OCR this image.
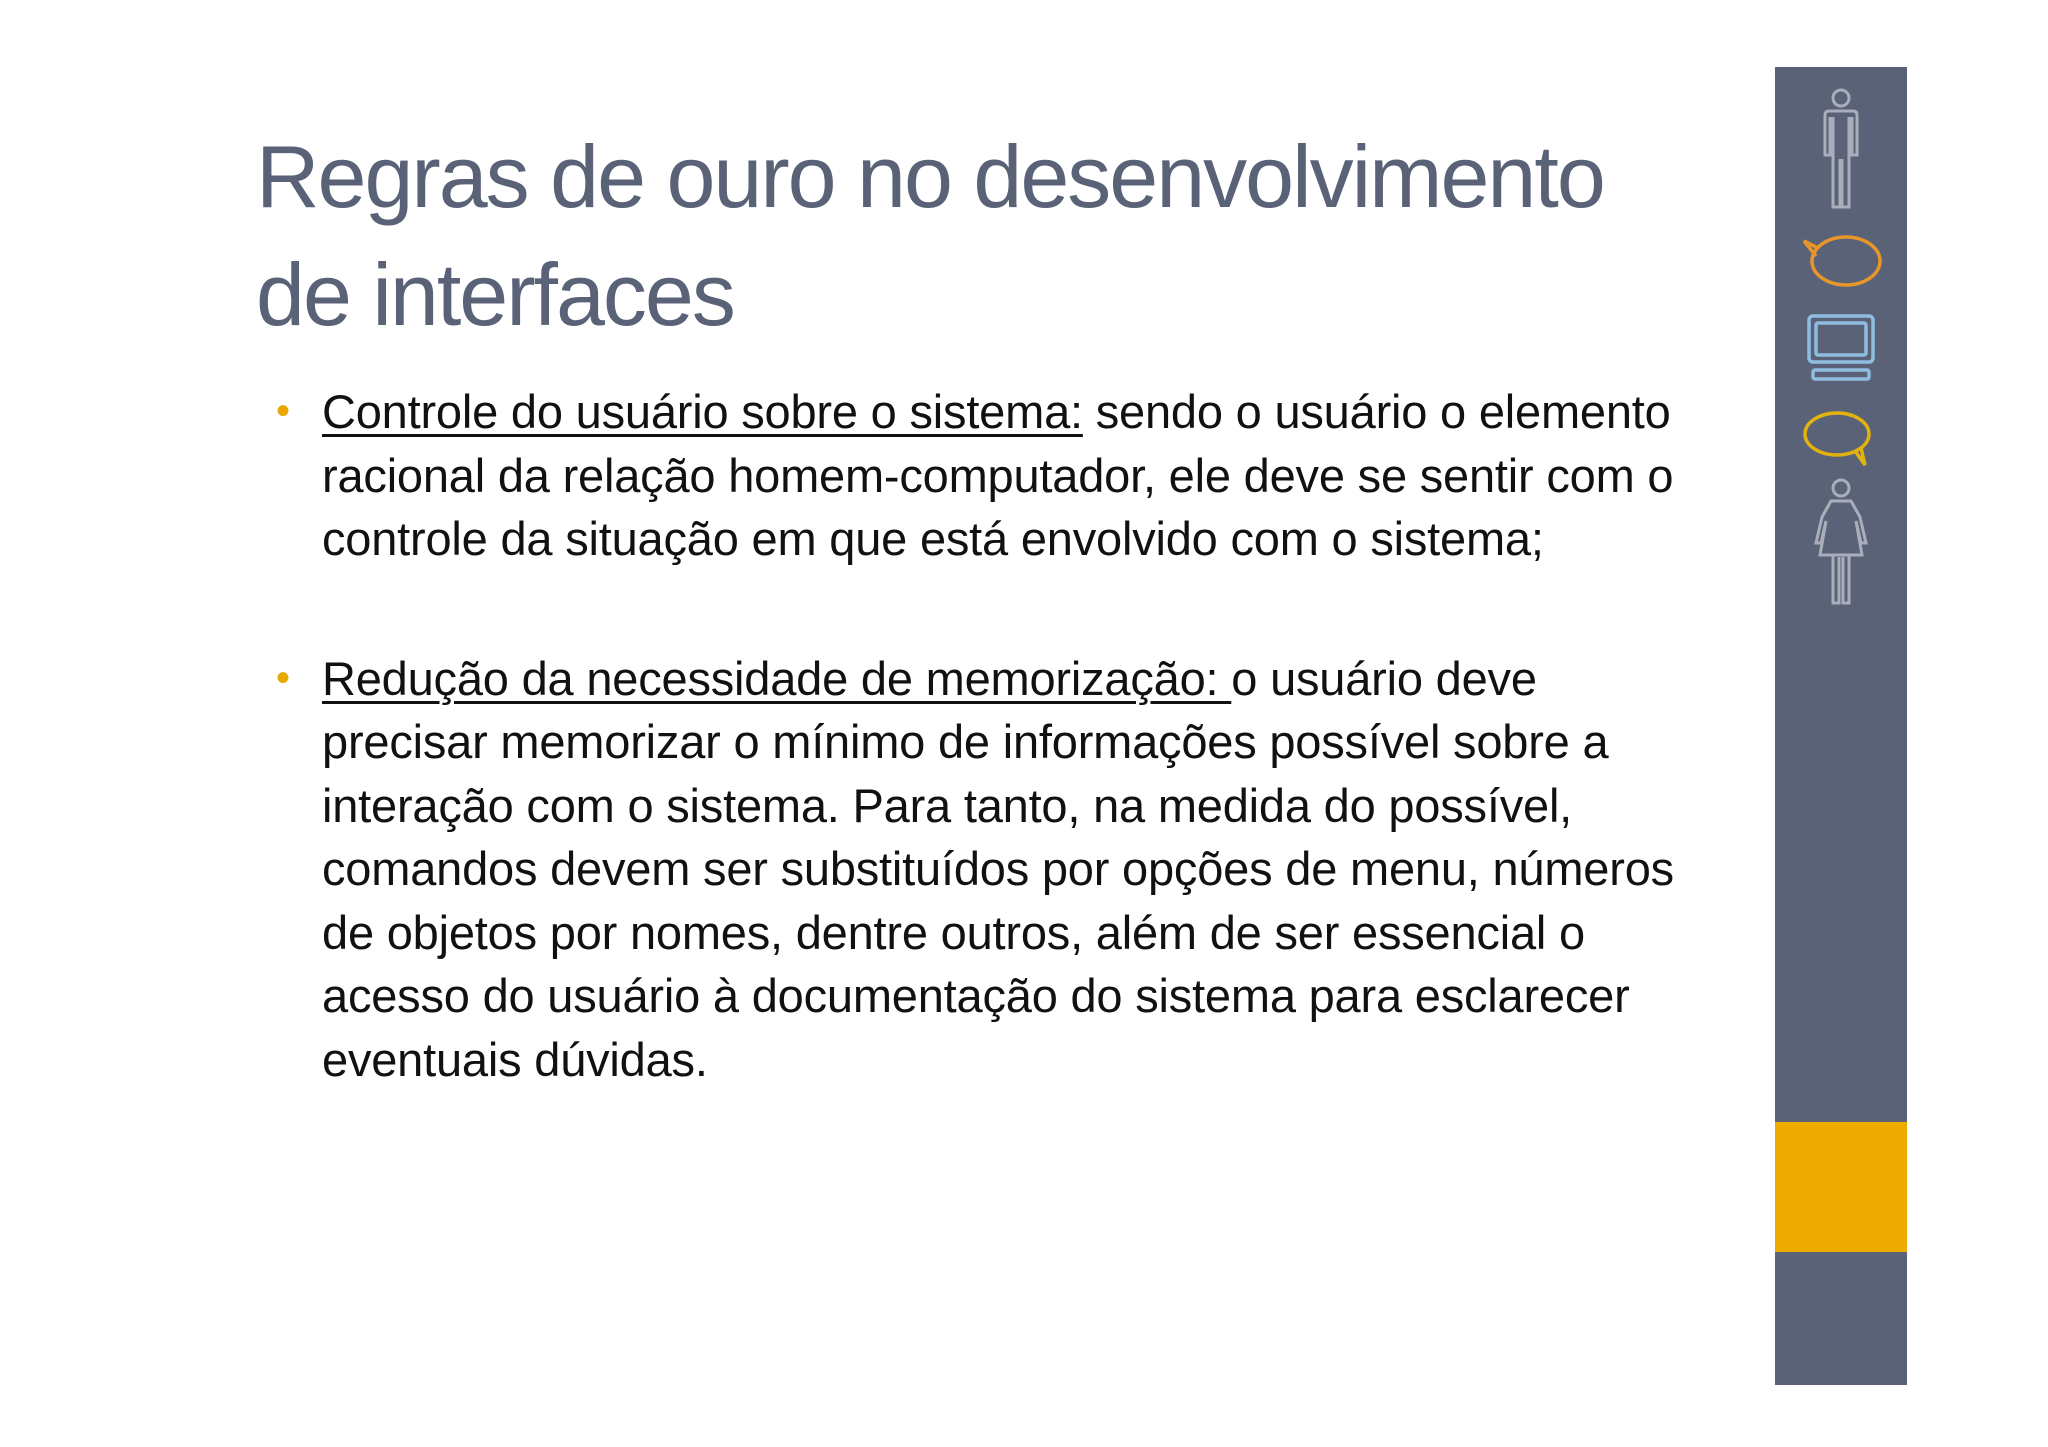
Regras de ouro no desenvolvimento de interfaces
• Controle do usuário sobre o sistema: sendo o usuário o elemento racional da relação homem-computador, ele deve se sentir com o controle da situação em que está envolvido com o sistema;
• Redução da necessidade de memorização: o usuário deve precisar memorizar o mínimo de informações possível sobre a interação com o sistema. Para tanto, na medida do possível, comandos devem ser substituídos por opções de menu, números de objetos por nomes, dentre outros, além de ser essencial o acesso do usuário à documentação do sistema para esclarecer eventuais dúvidas.
